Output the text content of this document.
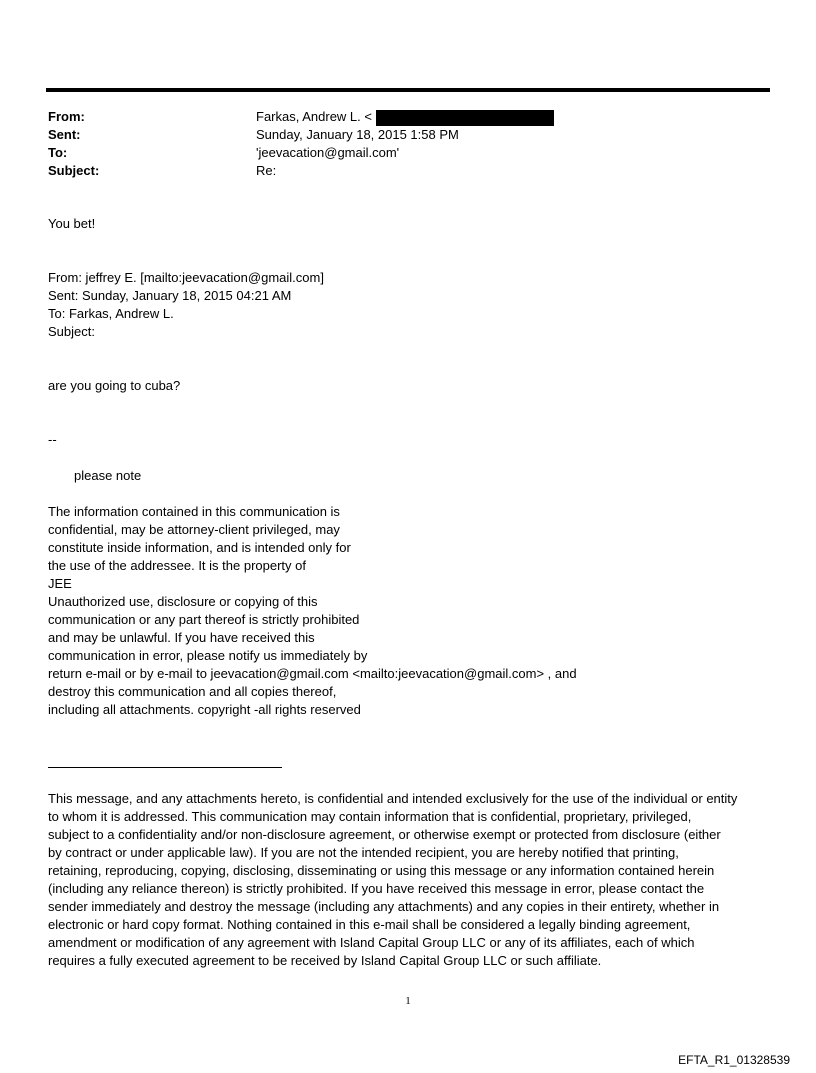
From:	Farkas, Andrew L. <
Sent:	Sunday, January 18, 2015 1:58 PM
To:	'jeevacation@gmail.com'
Subject:	Re:

You bet!

From: jeffrey E. [mailto:jeevacation@gmail.com]

Sent: Sunday, January 18, 2015 04:21 AM

To: Farkas, Andrew L.

Subject:

are you going to cuba?

--

please note

The information contained in this communication is

confidential, may be attorney-client privileged, may

constitute inside information, and is intended only for

the use of the addressee. It is the property of

JEE

Unauthorized use, disclosure or copying of this

communication or any part thereof is strictly prohibited

and may be unlawful. If you have received this

communication in error, please notify us immediately by

return e-mail or by e-mail to jeevacation@gmail.com <mailto:jeevacation@gmail.com> , and

destroy this communication and all copies thereof,

including all attachments. copyright -all rights reserved

This message, and any attachments hereto, is confidential and intended exclusively for the use of the individual or entity

to whom it is addressed. This communication may contain information that is confidential, proprietary, privileged,

subject to a confidentiality and/or non-disclosure agreement, or otherwise exempt or protected from disclosure (either

by contract or under applicable law). If you are not the intended recipient, you are hereby notified that printing,

retaining, reproducing, copying, disclosing, disseminating or using this message or any information contained herein

(including any reliance thereon) is strictly prohibited. If you have received this message in error, please contact the

sender immediately and destroy the message (including any attachments) and any copies in their entirety, whether in

electronic or hard copy format. Nothing contained in this e-mail shall be considered a legally binding agreement,

amendment or modification of any agreement with Island Capital Group LLC or any of its affiliates, each of which

requires a fully executed agreement to be received by Island Capital Group LLC or such affiliate.

1
EFTA_R1_01328539
